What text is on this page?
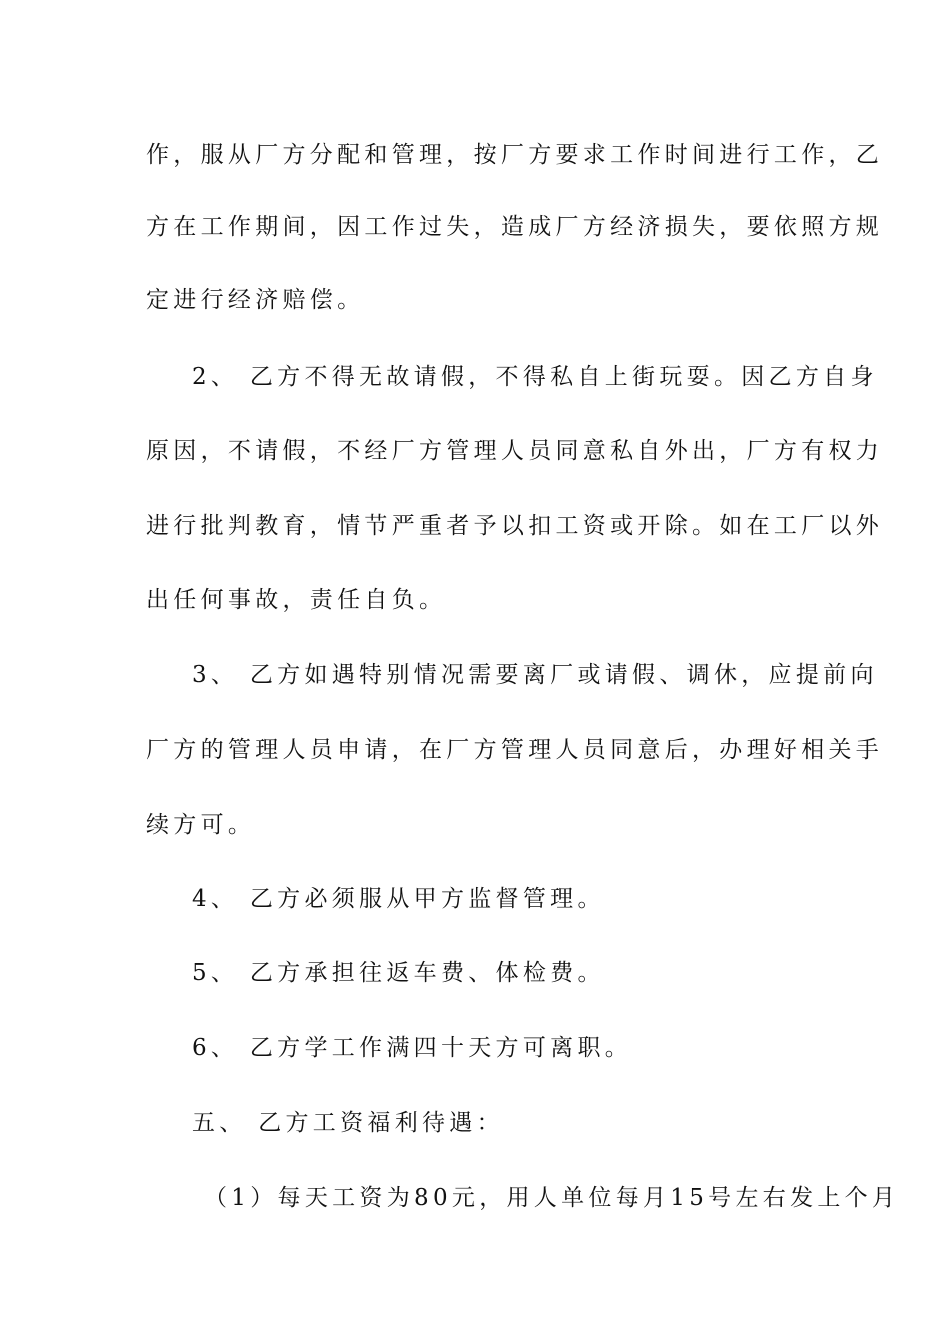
作，服从厂方分配和管理，按厂方要求工作时间进行工作，乙
方在工作期间，因工作过失，造成厂方经济损失，要依照方规
定进行经济赔偿。
2、 乙方不得无故请假，不得私自上街玩耍。因乙方自身
原因，不请假，不经厂方管理人员同意私自外出，厂方有权力
进行批判教育，情节严重者予以扣工资或开除。如在工厂以外
出任何事故，责任自负。
3、 乙方如遇特别情况需要离厂或请假、调休，应提前向
厂方的管理人员申请，在厂方管理人员同意后，办理好相关手
续方可。
4、 乙方必须服从甲方监督管理。
5、 乙方承担往返车费、体检费。
6、 乙方学工作满四十天方可离职。
五、 乙方工资福利待遇：
（1）每天工资为80元，用人单位每月15号左右发上个月
